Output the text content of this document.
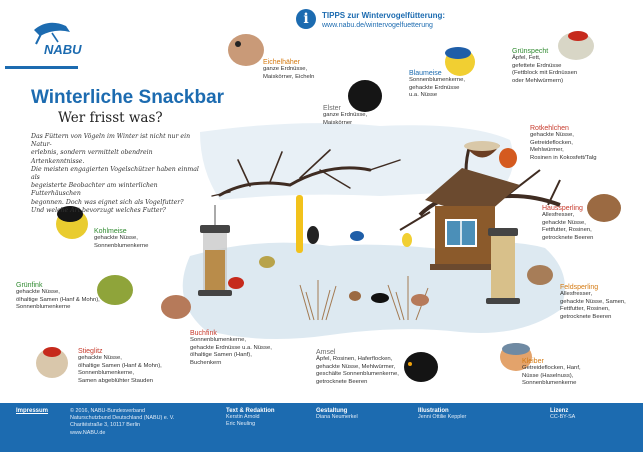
NABU
i	TIPPS zur Wintervogelfütterung:
www.nabu.de/wintervogelfuetterung
Winterliche Snackbar
Wer frisst was?
Das Füttern von Vögeln im Winter ist nicht nur ein Natur-
erlebnis, sondern vermittelt obendrein Artenkenntnisse.
Die meisten engagierten Vogelschützer haben einmal als
begeisterte Beobachter am winterlichen Futterhäuschen
begonnen. Doch was eignet sich als Vogelfutter?
Und welche Art bevorzugt welches Futter?
Eichelhäher
ganze Erdnüsse,
Maiskörner, Eicheln
Elster
ganze Erdnüsse,
Maiskörner
Blaumeise
Sonnenblumenkerne,
gehackte Erdnüsse
u.a. Nüsse
Grünspecht
Äpfel, Fett,
gefettete Erdnüsse
(Fettblock mit Erdnüssen
oder Mehlwürmern)
Rotkehlchen
gehackte Nüsse,
Getreideflocken,
Mehlwürmer,
Rosinen in Kokosfett/Talg
Haussperling
Allesfresser,
gehackte Nüsse,
Fettfutter, Rosinen,
getrocknete Beeren
Feldsperling
Allesfresser,
gehackte Nüsse, Samen,
Fettfutter, Rosinen,
getrocknete Beeren
Kleiber
Getreideflocken, Hanf,
Nüsse (Haselnuss),
Sonnenblumenkerne
Amsel
Äpfel, Rosinen, Haferflocken,
gehackte Nüsse, Mehlwürmer,
geschälte Sonnenblumenkerne,
getrocknete Beeren
Buchfink
Sonnenblumenkerne,
gehackte Erdnüsse u.a. Nüsse,
ölhaltige Samen (Hanf),
Buchenkern
Stieglitz
gehackte Nüsse,
ölhaltige Samen (Hanf & Mohn),
Sonnenblumenkerne,
Samen abgeblühter Stauden
Grünfink
gehackte Nüsse,
ölhaltige Samen (Hanf & Mohn),
Sonnenblumenkerne
Kohlmeise
gehackte Nüsse,
Sonnenblumenkerne
Impressum	© 2016, NABU-Bundesverband
Naturschutzbund Deutschland (NABU) e. V.
Charitéstraße 3, 10117 Berlin
www.NABU.de
Text & Redaktion
Kerstin Arnold
Eric Neuling
Gestaltung
Diana Neumerkel
Illustration
Jenni Ottilie Keppler
Lizenz
CC-BY-SA
